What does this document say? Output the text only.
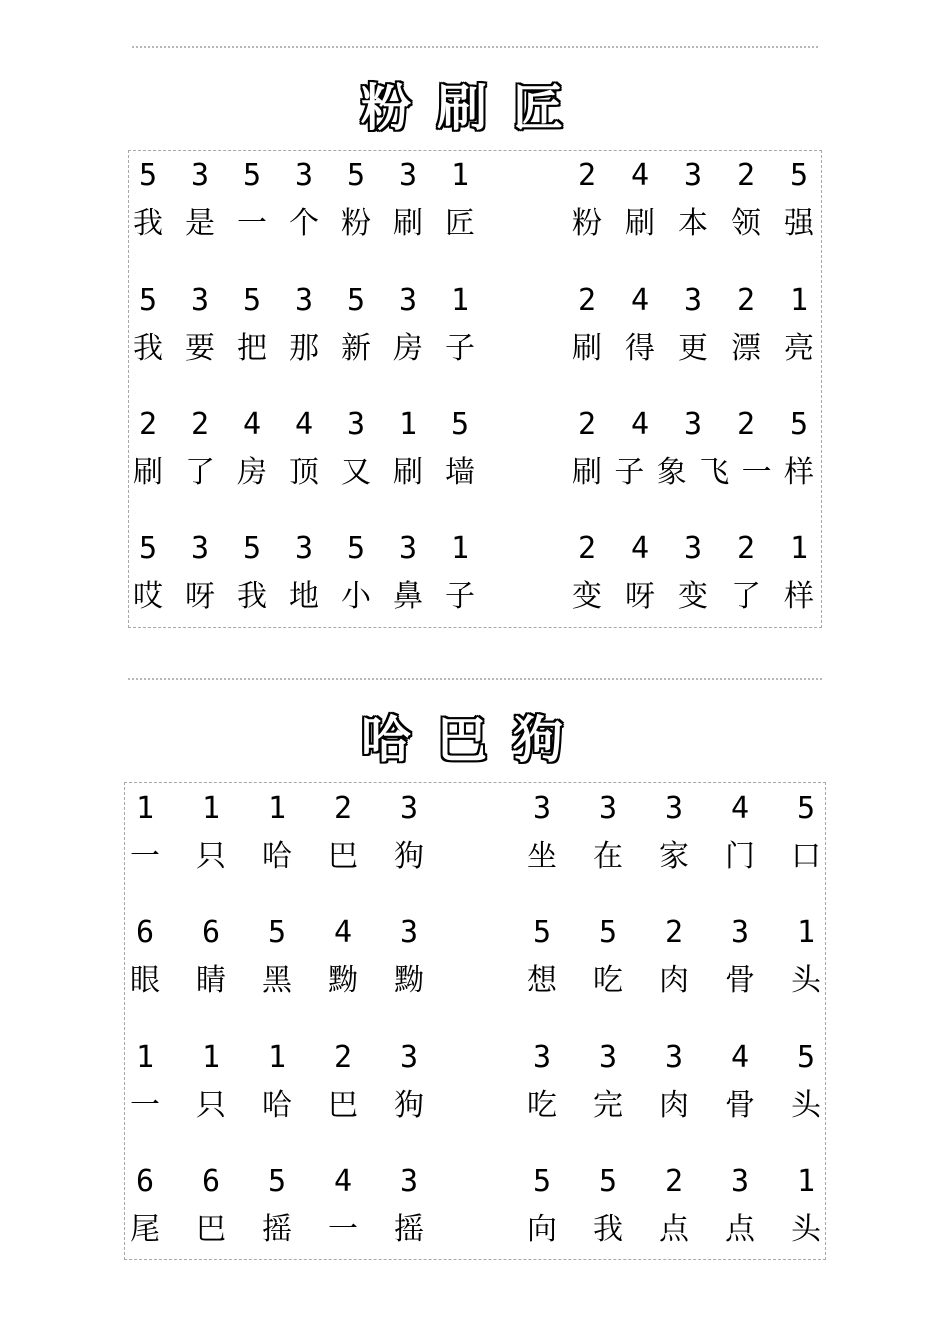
粉刷匠
哈巴狗
5	3	5	3	5	3	1
我 是 一 个 粉 刷 匠
2	4	3	2	5
粉 刷 本 领 强
5	3	5	3	5	3	1
我 要 把 那 新 房 子
2	4	3	2	1
刷 得 更 漂 亮
2	2	4	4	3	1	5
刷 了 房 顶 又 刷 墙
2	4	3	2	5
刷 子 象 飞 一 样
5	3	5	3	5	3	1
哎 呀 我 地 小 鼻 子
2	4	3	2	1
变 呀 变 了 样
1	1	1	2	3
一	只	哈	巴	狗
3	3	3	4	5
坐	在	家	门	口
6	6	5	4	3
眼	睛	黑	黝	黝
5	5	2	3	1
想	吃	肉	骨	头
1	1	1	2	3
一	只	哈	巴	狗
3	3	3	4	5
吃	完	肉	骨	头
6	6	5	4	3
尾	巴	摇	一	摇
5	5	2	3	1
向	我	点	点	头
